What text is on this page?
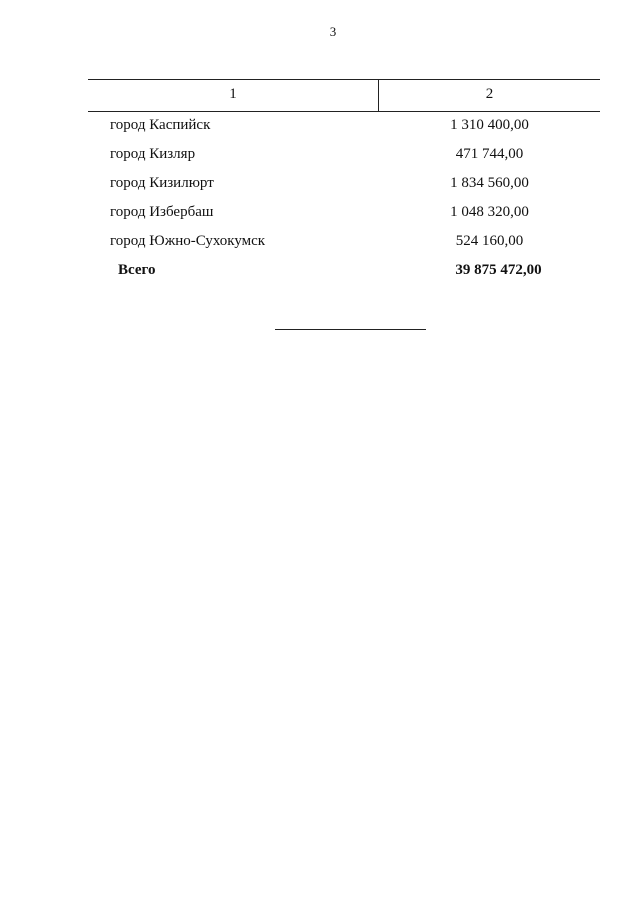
3
1	2
город Каспийск	1 310 400,00
город Кизляр	471 744,00
город Кизилюрт	1 834 560,00
город Избербаш	1 048 320,00
город Южно-Сухокумск	524 160,00
Всего	39 875 472,00
